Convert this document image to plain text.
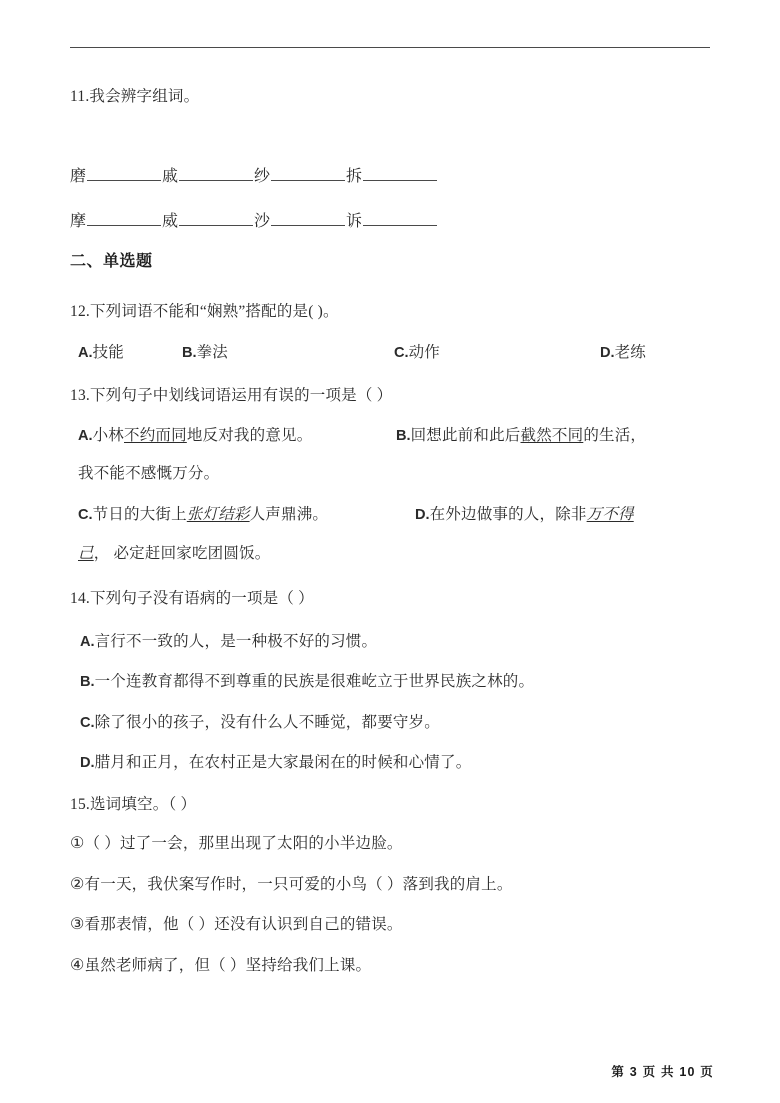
11.我会辨字组词。
磨	戚	纱	拆
摩	威	沙	诉
二、单选题
12.下列词语不能和“娴熟”搭配的是( )。
A.技能	B.拳法	C.动作	D.老练
13.下列句子中划线词语运用有误的一项是（ ）
A.小林不约而同地反对我的意见。	B.回想此前和此后截然不同的生活，
我不能不感慨万分。
C.节日的大街上张灯结彩人声鼎沸。	D.在外边做事的人，除非万不得
己， 必定赶回家吃团圆饭。
14.下列句子没有语病的一项是（ ）
A.言行不一致的人，是一种极不好的习惯。
B.一个连教育都得不到尊重的民族是很难屹立于世界民族之林的。
C.除了很小的孩子，没有什么人不睡觉，都要守岁。
D.腊月和正月，在农村正是大家最闲在的时候和心情了。
15.选词填空。（ ）
①（ ）过了一会，那里出现了太阳的小半边脸。
②有一天，我伏案写作时，一只可爱的小鸟（ ）落到我的肩上。
③看那表情，他（ ）还没有认识到自己的错误。
④虽然老师病了，但（ ）坚持给我们上课。
第 3 页 共 10 页
